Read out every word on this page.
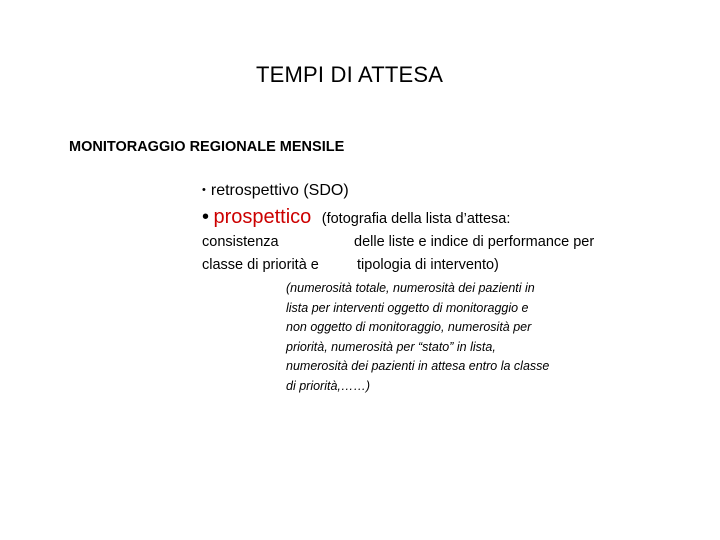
TEMPI DI ATTESA
MONITORAGGIO REGIONALE MENSILE
• retrospettivo (SDO)
• prospettico (fotografia della lista d’attesa:
consistenza	delle liste e indice di performance per
classe di priorità e	tipologia di intervento)
(numerosità totale, numerosità dei pazienti in
lista per interventi oggetto di monitoraggio e
non oggetto di monitoraggio, numerosità per
priorità, numerosità per “stato” in lista,
numerosità dei pazienti in attesa entro la classe
di priorità,……)
